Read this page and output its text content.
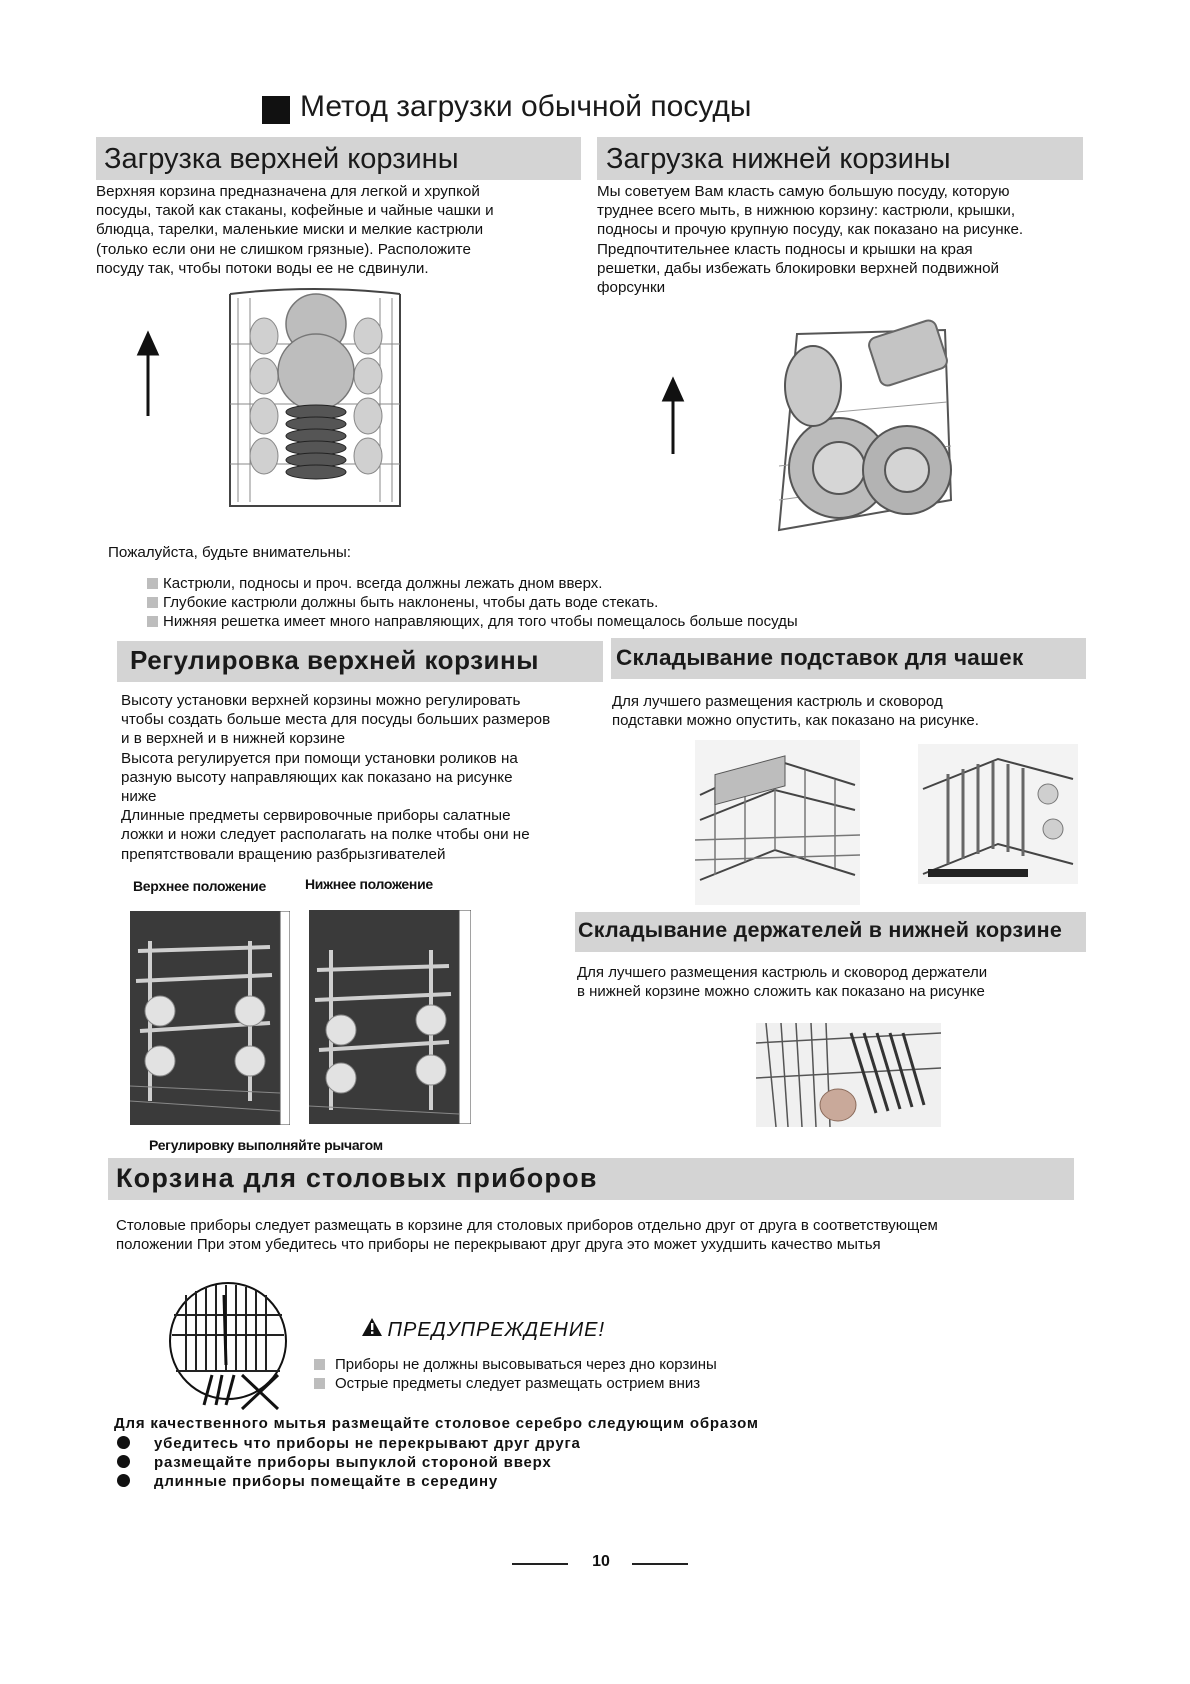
Метод загрузки обычной посуды
Загрузка верхней корзины
Верхняя корзина предназначена для легкой и хрупкой
посуды, такой как стаканы, кофейные и чайные чашки и
блюдца, тарелки, маленькие миски и мелкие кастрюли
(только если они не слишком грязные). Расположите
посуду так, чтобы потоки воды ее не сдвинули.
Загрузка нижней корзины
Мы советуем Вам класть самую большую посуду, которую
труднее всего мыть, в нижнюю корзину: кастрюли, крышки,
подносы и прочую крупную посуду, как показано на рисунке.
Предпочтительнее класть подносы и крышки на края
решетки, дабы избежать блокировки верхней подвижной
форсунки
Пожалуйста, будьте внимательны:
Кастрюли, подносы и проч. всегда должны лежать дном вверх.
Глубокие кастрюли должны быть наклонены, чтобы дать воде стекать.
Нижняя решетка имеет много направляющих, для того чтобы помещалось больше посуды
Регулировка верхней корзины
Высоту установки верхней корзины можно регулировать
чтобы создать больше места для посуды больших размеров
и в верхней и в нижней корзине
Высота регулируется при помощи установки роликов на
разную высоту направляющих как показано на рисунке
ниже
Длинные предметы сервировочные приборы салатные
ложки и ножи следует располагать на полке чтобы они не
препятствовали вращению разбрызгивателей
Верхнее положение	Нижнее положение
Регулировку выполняйте рычагом
Складывание подставок для чашек
Для лучшего размещения кастрюль и сковород
подставки можно опустить, как показано на рисунке.
Складывание держателей в нижней корзине
Для лучшего размещения кастрюль и сковород держатели
в нижней корзине можно сложить как показано на рисунке
Корзина для столовых приборов
Столовые приборы следует размещать в корзине для столовых приборов отдельно друг от друга в соответствующем
положении При этом убедитесь что приборы не перекрывают друг друга это может ухудшить качество мытья
ПРЕДУПРЕЖДЕНИЕ!
Приборы не должны высовываться через дно корзины
Острые предметы следует размещать острием вниз
Для качественного мытья размещайте столовое серебро следующим образом
убедитесь что приборы не перекрывают друг друга
размещайте приборы выпуклой стороной вверх
длинные приборы помещайте в середину
10
